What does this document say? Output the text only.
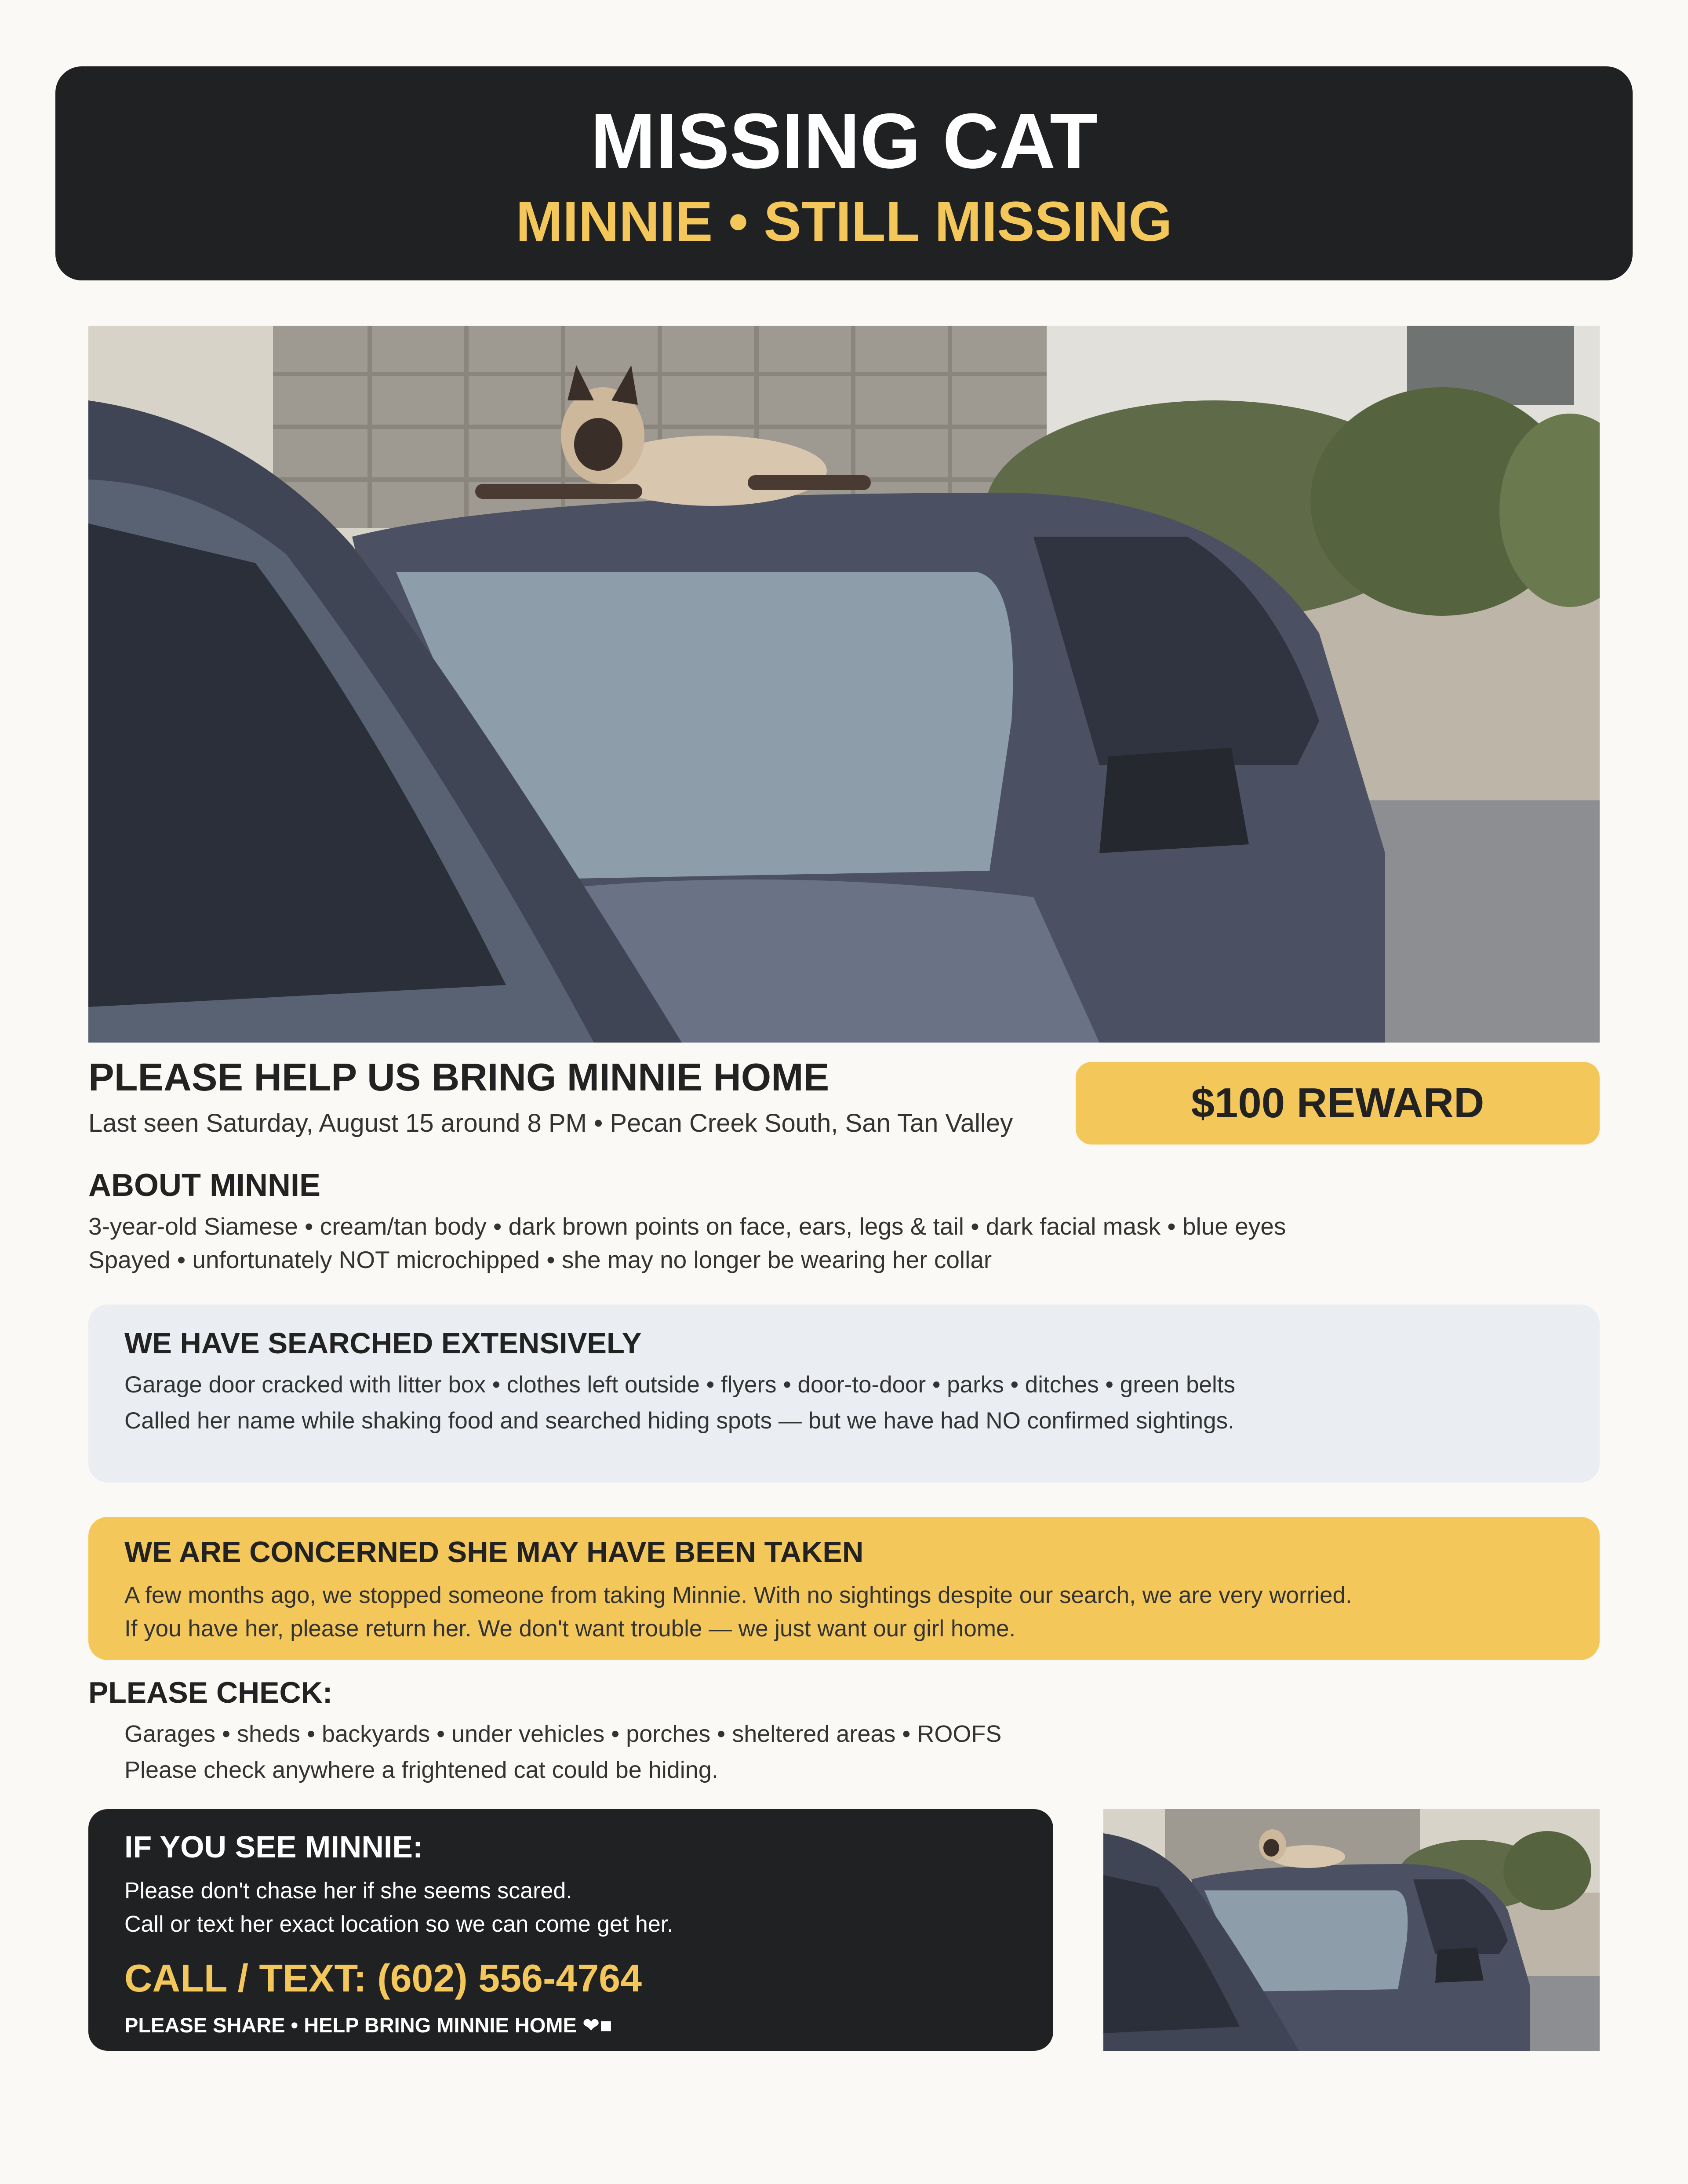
MISSING CAT
MINNIE • STILL MISSING
PLEASE HELP US BRING MINNIE HOME
Last seen Saturday, August 15 around 8 PM • Pecan Creek South, San Tan Valley	$100 REWARD
ABOUT MINNIE
3-year-old Siamese • cream/tan body • dark brown points on face, ears, legs & tail • dark facial mask • blue eyes
Spayed • unfortunately NOT microchipped • she may no longer be wearing her collar
WE HAVE SEARCHED EXTENSIVELY
Garage door cracked with litter box • clothes left outside • flyers • door-to-door • parks • ditches • green belts
Called her name while shaking food and searched hiding spots — but we have had NO confirmed sightings.
WE ARE CONCERNED SHE MAY HAVE BEEN TAKEN
A few months ago, we stopped someone from taking Minnie. With no sightings despite our search, we are very worried.
If you have her, please return her. We don't want trouble — we just want our girl home.
PLEASE CHECK:
Garages • sheds • backyards • under vehicles • porches • sheltered areas • ROOFS
Please check anywhere a frightened cat could be hiding.
IF YOU SEE MINNIE:
Please don't chase her if she seems scared.
Call or text her exact location so we can come get her.
CALL / TEXT: (602) 556-4764
PLEASE SHARE • HELP BRING MINNIE HOME ❤■
